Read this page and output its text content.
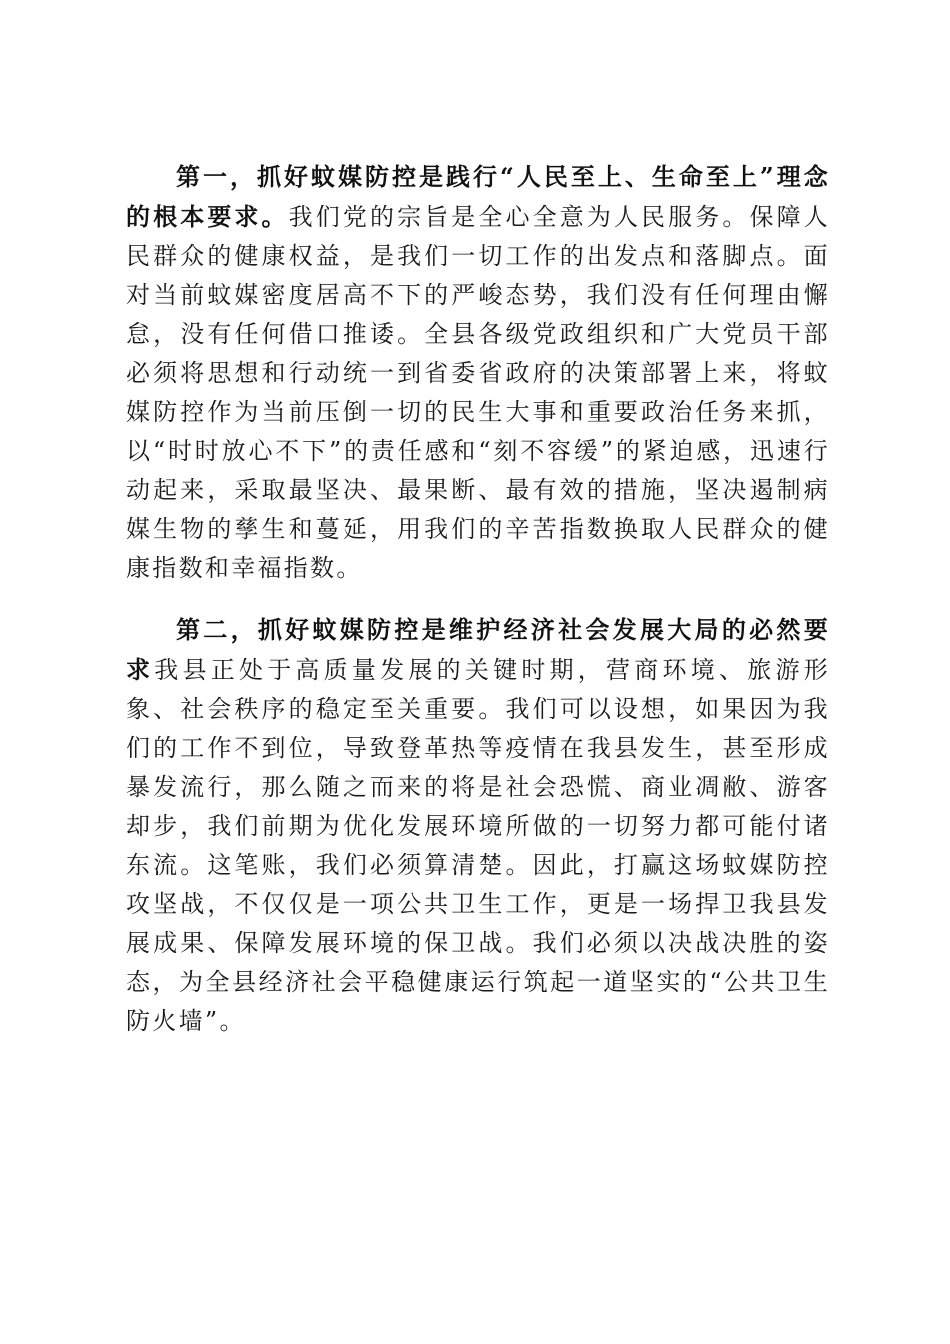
第一，抓好蚊媒防控是践行“人民至上、生命至上”理念的根本要求。我们党的宗旨是全心全意为人民服务。保障人民群众的健康权益，是我们一切工作的出发点和落脚点。面对当前蚊媒密度居高不下的严峻态势，我们没有任何理由懈怠，没有任何借口推诿。全县各级党政组织和广大党员干部必须将思想和行动统一到省委省政府的决策部署上来，将蚊媒防控作为当前压倒一切的民生大事和重要政治任务来抓，以“时时放心不下”的责任感和“刻不容缓”的紧迫感，迅速行动起来，采取最坚决、最果断、最有效的措施，坚决遏制病媒生物的孳生和蔓延，用我们的辛苦指数换取人民群众的健康指数和幸福指数。

第二，抓好蚊媒防控是维护经济社会发展大局的必然要求我县正处于高质量发展的关键时期，营商环境、旅游形象、社会秩序的稳定至关重要。我们可以设想，如果因为我们的工作不到位，导致登革热等疫情在我县发生，甚至形成暴发流行，那么随之而来的将是社会恐慌、商业凋敝、游客却步，我们前期为优化发展环境所做的一切努力都可能付诸东流。这笔账，我们必须算清楚。因此，打赢这场蚊媒防控攻坚战，不仅仅是一项公共卫生工作，更是一场捍卫我县发展成果、保障发展环境的保卫战。我们必须以决战决胜的姿态，为全县经济社会平稳健康运行筑起一道坚实的“公共卫生防火墙”。
